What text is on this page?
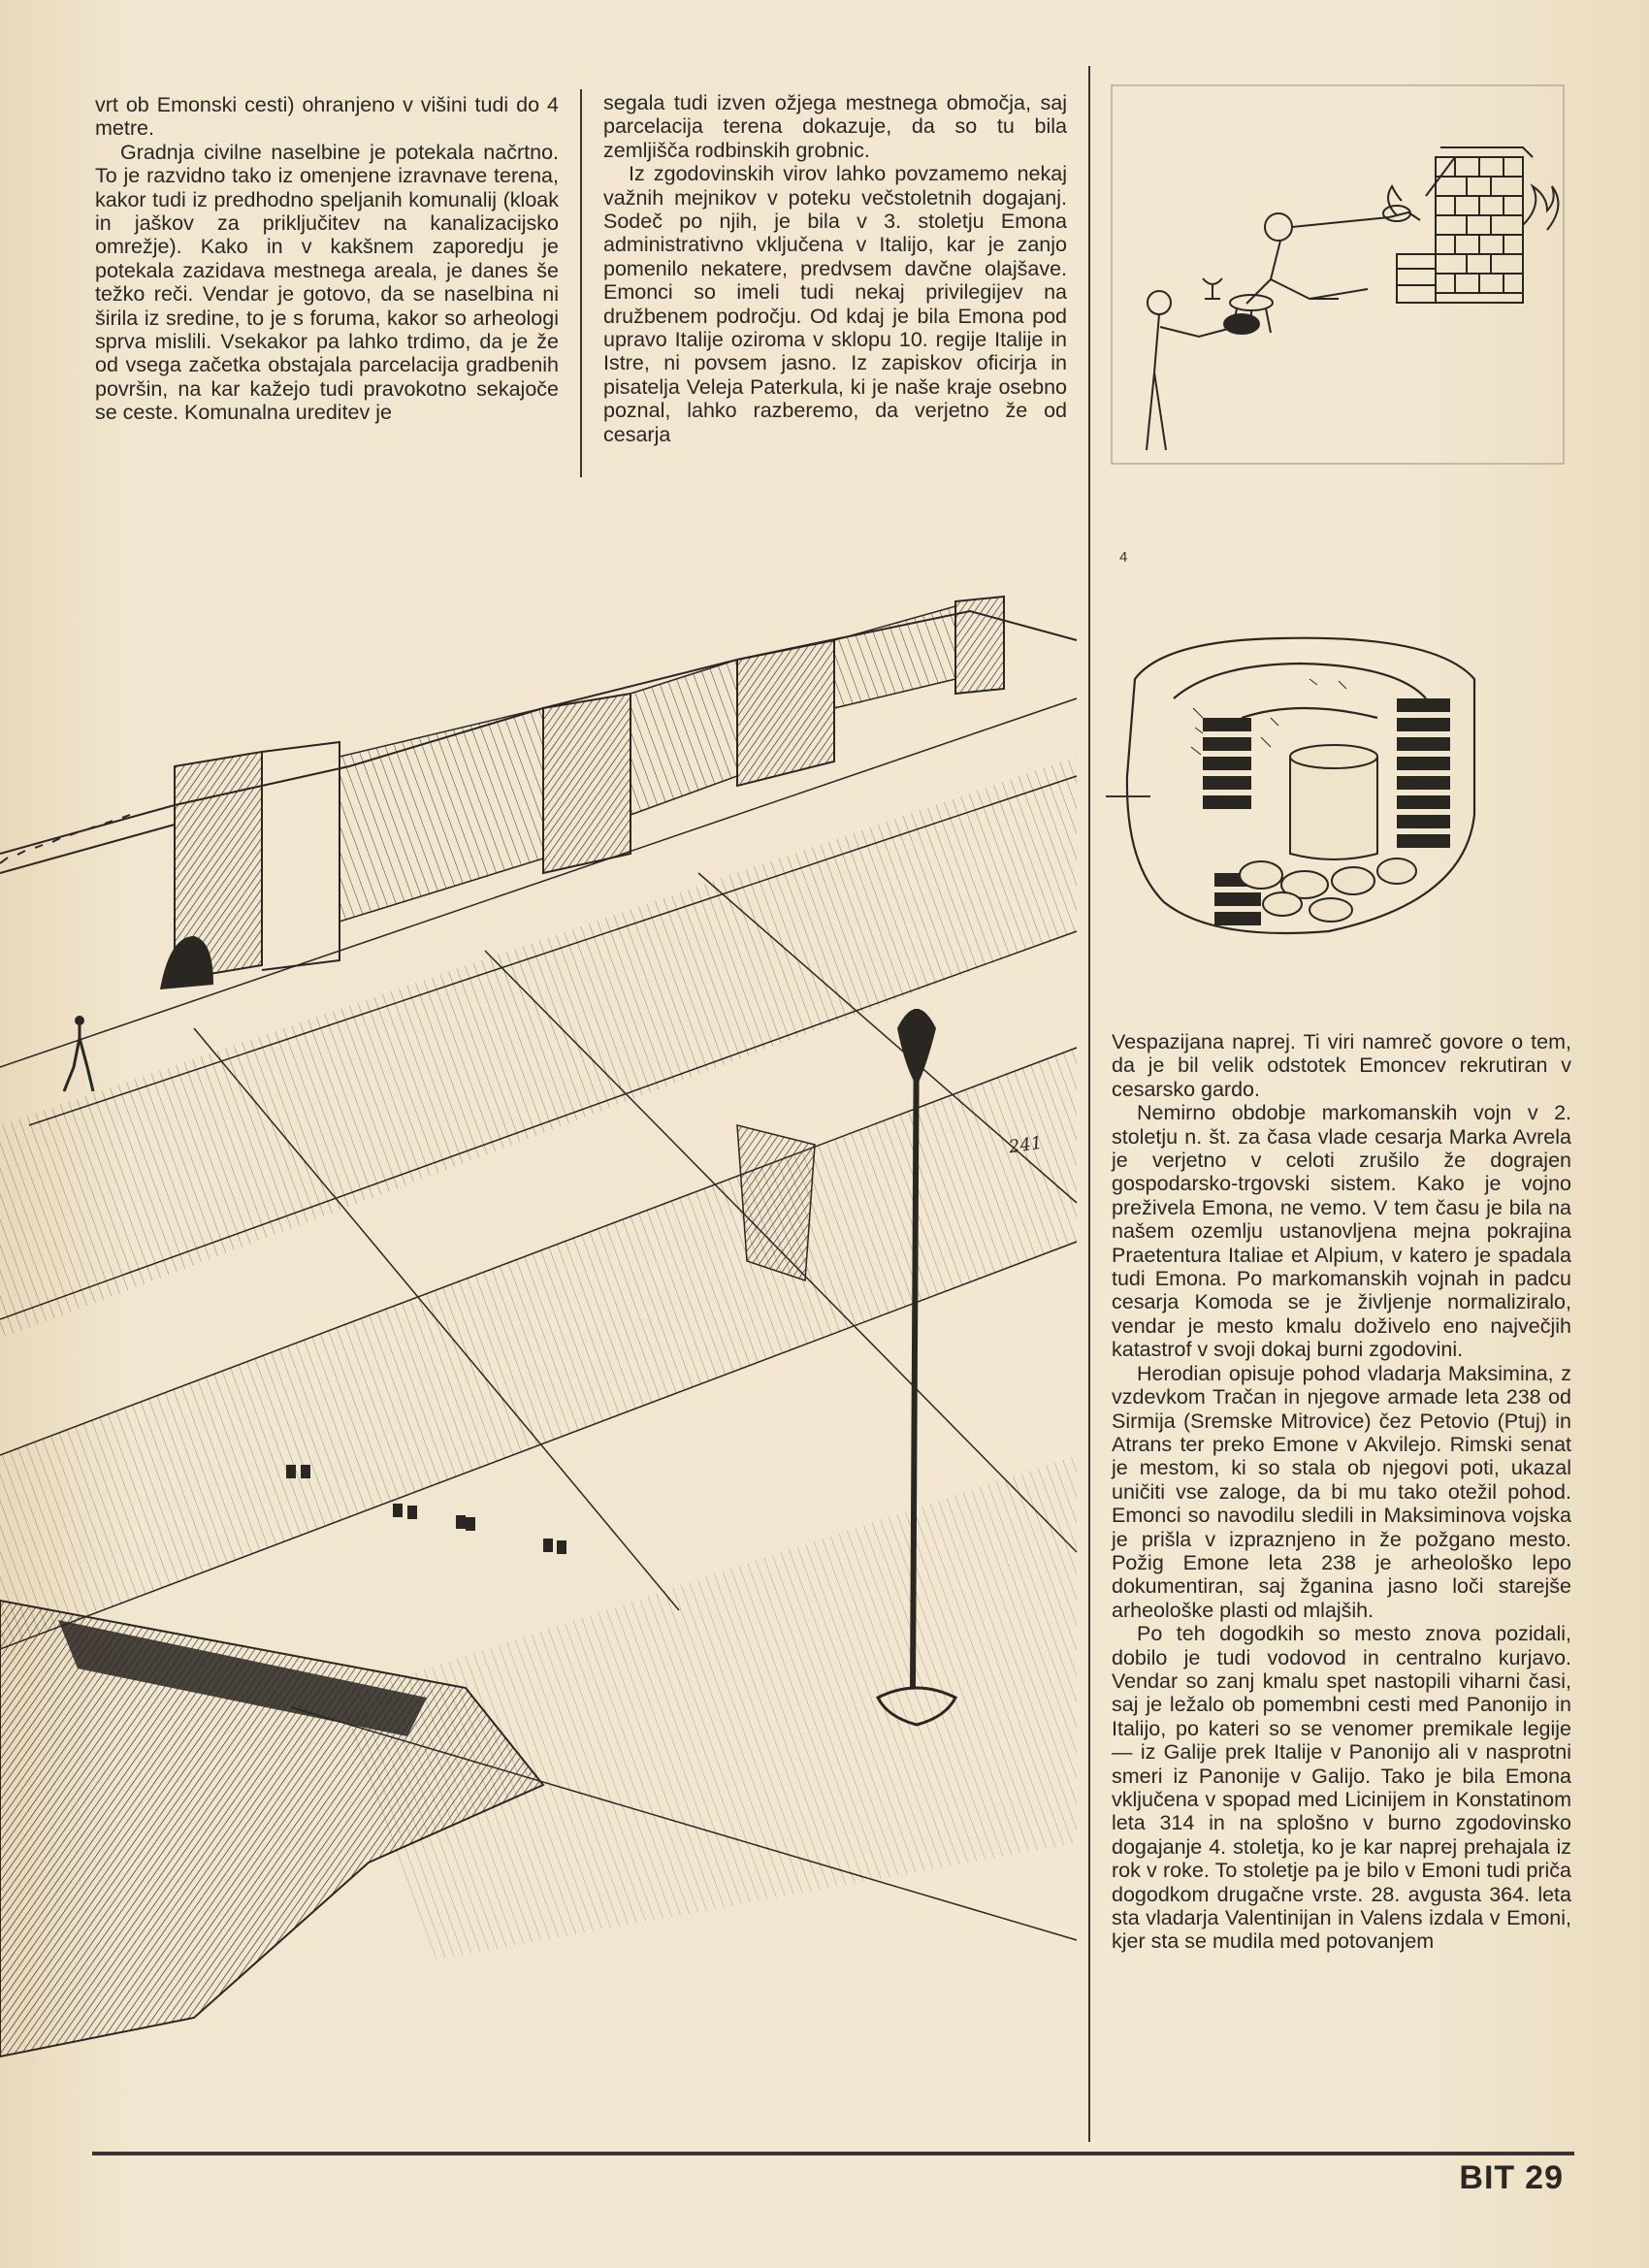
vrt ob Emonski cesti) ohranjeno v višini tudi do 4 metre.

Gradnja civilne naselbine je potekala načrtno. To je razvidno tako iz omenjene izravnave terena, kakor tudi iz predhodno speljanih komunalij (kloak in jaškov za priključitev na kanalizacijsko omrežje). Kako in v kakšnem zaporedju je potekala zazidava mestnega areala, je danes še težko reči. Vendar je gotovo, da se naselbina ni širila iz sredine, to je s foruma, kakor so arheologi sprva mislili. Vsekakor pa lahko trdimo, da je že od vsega začetka obstajala parcelacija gradbenih površin, na kar kažejo tudi pravokotno sekajoče se ceste. Komunalna ureditev je

segala tudi izven ožjega mestnega območja, saj parcelacija terena dokazuje, da so tu bila zemljišča rodbinskih grobnic.

Iz zgodovinskih virov lahko povzamemo nekaj važnih mejnikov v poteku večstoletnih dogajanj. Sodeč po njih, je bila v 3. stoletju Emona administrativno vključena v Italijo, kar je zanjo pomenilo nekatere, predvsem davčne olajšave. Emonci so imeli tudi nekaj privilegijev na družbenem področju. Od kdaj je bila Emona pod upravo Italije oziroma v sklopu 10. regije Italije in Istre, ni povsem jasno. Iz zapiskov oficirja in pisatelja Veleja Paterkula, ki je naše kraje osebno poznal, lahko razberemo, da verjetno že od cesarja

4
241

Vespazijana naprej. Ti viri namreč govore o tem, da je bil velik odstotek Emoncev rekrutiran v cesarsko gardo.

Nemirno obdobje markomanskih vojn v 2. stoletju n. št. za časa vlade cesarja Marka Avrela je verjetno v celoti zrušilo že dograjen gospodarsko-trgovski sistem. Kako je vojno preživela Emona, ne vemo. V tem času je bila na našem ozemlju ustanovljena mejna pokrajina Praetentura Italiae et Alpium, v katero je spadala tudi Emona. Po markomanskih vojnah in padcu cesarja Komoda se je življenje normaliziralo, vendar je mesto kmalu doživelo eno največjih katastrof v svoji dokaj burni zgodovini.

Herodian opisuje pohod vladarja Maksimina, z vzdevkom Tračan in njegove armade leta 238 od Sirmija (Sremske Mitrovice) čez Petovio (Ptuj) in Atrans ter preko Emone v Akvilejo. Rimski senat je mestom, ki so stala ob njegovi poti, ukazal uničiti vse zaloge, da bi mu tako otežil pohod. Emonci so navodilu sledili in Maksiminova vojska je prišla v izpraznjeno in že požgano mesto. Požig Emone leta 238 je arheološko lepo dokumentiran, saj žganina jasno loči starejše arheološke plasti od mlajših.

Po teh dogodkih so mesto znova pozidali, dobilo je tudi vodovod in centralno kurjavo. Vendar so zanj kmalu spet nastopili viharni časi, saj je ležalo ob pomembni cesti med Panonijo in Italijo, po kateri so se venomer premikale legije — iz Galije prek Italije v Panonijo ali v nasprotni smeri iz Panonije v Galijo. Tako je bila Emona vključena v spopad med Licinijem in Konstatinom leta 314 in na splošno v burno zgodovinsko dogajanje 4. stoletja, ko je kar naprej prehajala iz rok v roke. To stoletje pa je bilo v Emoni tudi priča dogodkom drugačne vrste. 28. avgusta 364. leta sta vladarja Valentinijan in Valens izdala v Emoni, kjer sta se mudila med potovanjem

BIT 29
